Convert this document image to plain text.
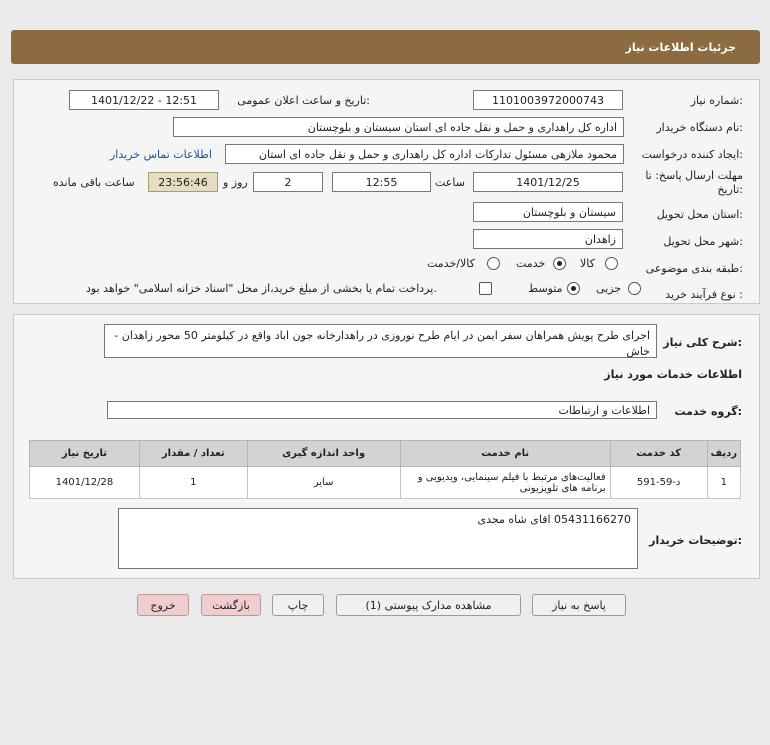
جزئیات اطلاعات نیاز
شماره نیاز:
1101003972000743
تاریخ و ساعت اعلان عمومی:
1401/12/22 - 12:51
نام دستگاه خریدار:
اداره کل راهداری و حمل و نقل جاده ای استان سیستان و بلوچستان
ایجاد کننده درخواست:
محمود ملازهی مسئول تدارکات اداره کل راهداری و حمل و نقل جاده ای استان
اطلاعات تماس خریدار
مهلت ارسال پاسخ: تا
تاریخ:
1401/12/25
ساعت
12:55
2
روز و
23:56:46
ساعت باقی مانده
استان محل تحویل:
سیستان و بلوچستان
شهر محل تحویل:
زاهدان
طبقه بندی موضوعی:
کالا
خدمت
کالا/خدمت
نوع فرآیند خرید :
جزیی
متوسط
پرداخت تمام یا بخشی از مبلغ خرید،از محل "اسناد خزانه اسلامی" خواهد بود.
شرح کلی نیاز:
اجرای طرح پویش همراهان سفر ایمن در ایام طرح نوروزی در راهدارخانه جون اباد واقع در کیلومتر 50 محور زاهدان - خاش
اطلاعات خدمات مورد نیاز
گروه خدمت:
اطلاعات و ارتباطات
ردیف	کد خدمت	نام خدمت	واحد اندازه گیری	تعداد / مقدار	تاریخ نیاز
1	د-59-591	فعالیت‌های مرتبط با فیلم سینمایی، ویدیویی و برنامه های تلویزیونی	سایر	1	1401/12/28
توضیحات خریدار:
05431166270 اقای شاه مجدی
پاسخ به نیاز
مشاهده مدارک پیوستی (1)
چاپ
بازگشت
خروج
